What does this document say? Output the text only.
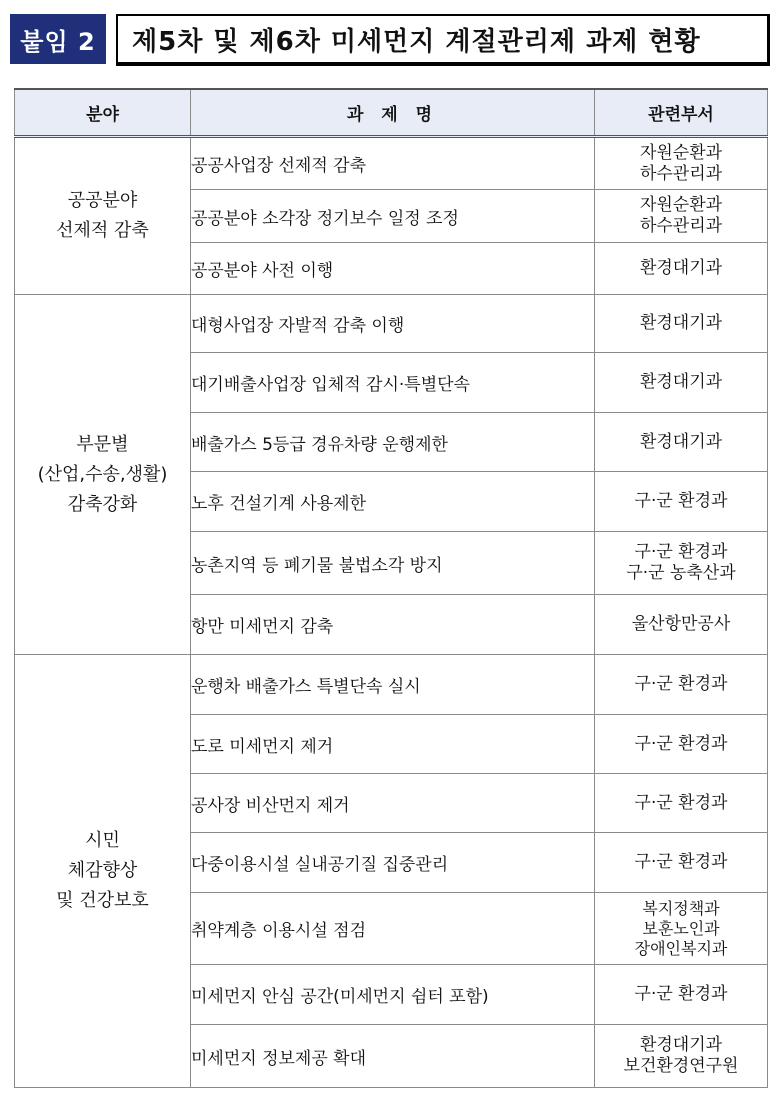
붙임 2	제5차 및 제6차 미세먼지 계절관리제 과제 현황
분야	과 제 명	관련부서

공공분야
선제적 감축	공공사업장 선제적 감축	자원순환과
하수관리과

	공공분야 소각장 정기보수 일정 조정	자원순환과
하수관리과

	공공분야 사전 이행	환경대기과

부문별
(산업,수송,생활)
감축강화	대형사업장 자발적 감축 이행	환경대기과

	대기배출사업장 입체적 감시·특별단속	환경대기과

	배출가스 5등급 경유차량 운행제한	환경대기과

	노후 건설기계 사용제한	구·군 환경과

	농촌지역 등 폐기물 불법소각 방지	구·군 환경과
구·군 농축산과

	항만 미세먼지 감축	울산항만공사

시민
체감향상
및 건강보호	운행차 배출가스 특별단속 실시	구·군 환경과

	도로 미세먼지 제거	구·군 환경과

	공사장 비산먼지 제거	구·군 환경과

	다중이용시설 실내공기질 집중관리	구·군 환경과

	취약계층 이용시설 점검	복지정책과
보훈노인과
장애인복지과

	미세먼지 안심 공간(미세먼지 쉼터 포함)	구·군 환경과

	미세먼지 정보제공 확대	환경대기과
보건환경연구원
